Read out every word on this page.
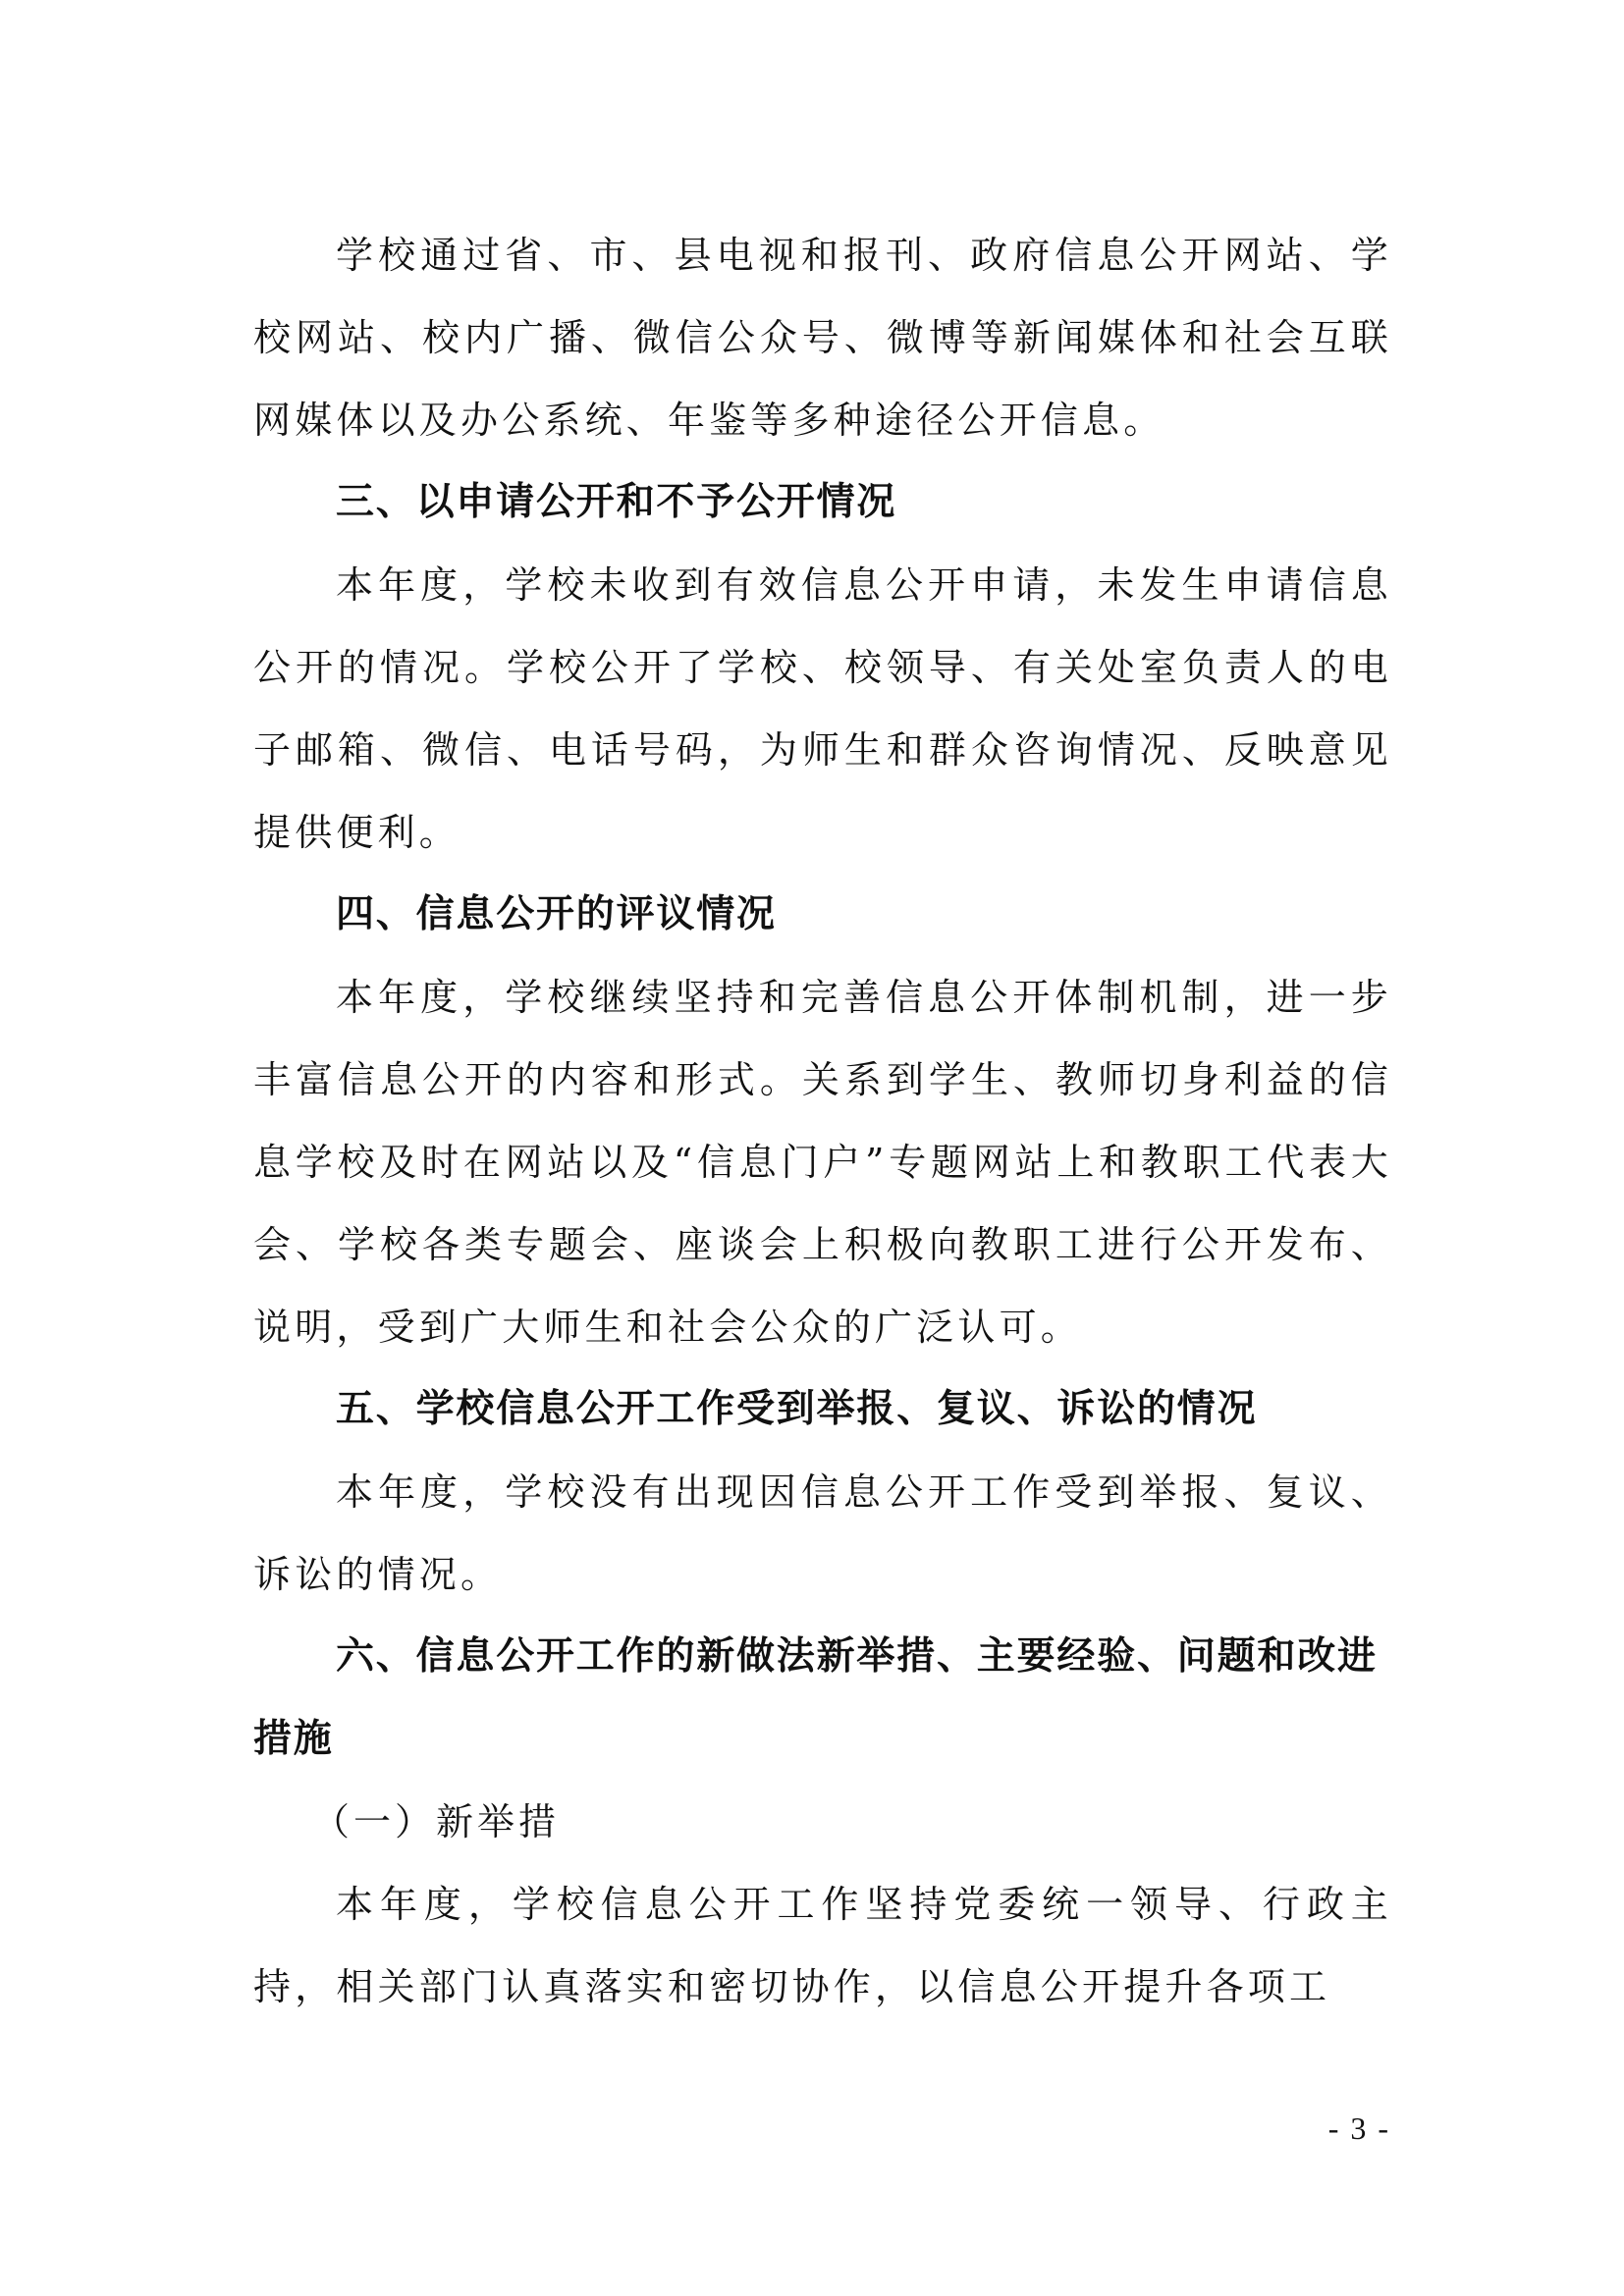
学校通过省、市、县电视和报刊、政府信息公开网站、学校网站、校内广播、微信公众号、微博等新闻媒体和社会互联网媒体以及办公系统、年鉴等多种途径公开信息。

三、以申请公开和不予公开情况

本年度，学校未收到有效信息公开申请，未发生申请信息公开的情况。学校公开了学校、校领导、有关处室负责人的电子邮箱、微信、电话号码，为师生和群众咨询情况、反映意见提供便利。

四、信息公开的评议情况

本年度，学校继续坚持和完善信息公开体制机制，进一步丰富信息公开的内容和形式。关系到学生、教师切身利益的信息学校及时在网站以及“信息门户”专题网站上和教职工代表大会、学校各类专题会、座谈会上积极向教职工进行公开发布、说明，受到广大师生和社会公众的广泛认可。

五、学校信息公开工作受到举报、复议、诉讼的情况

本年度，学校没有出现因信息公开工作受到举报、复议、诉讼的情况。

六、信息公开工作的新做法新举措、主要经验、问题和改进措施

（一）新举措

本年度，学校信息公开工作坚持党委统一领导、行政主持，相关部门认真落实和密切协作，以信息公开提升各项工

- 3 -
